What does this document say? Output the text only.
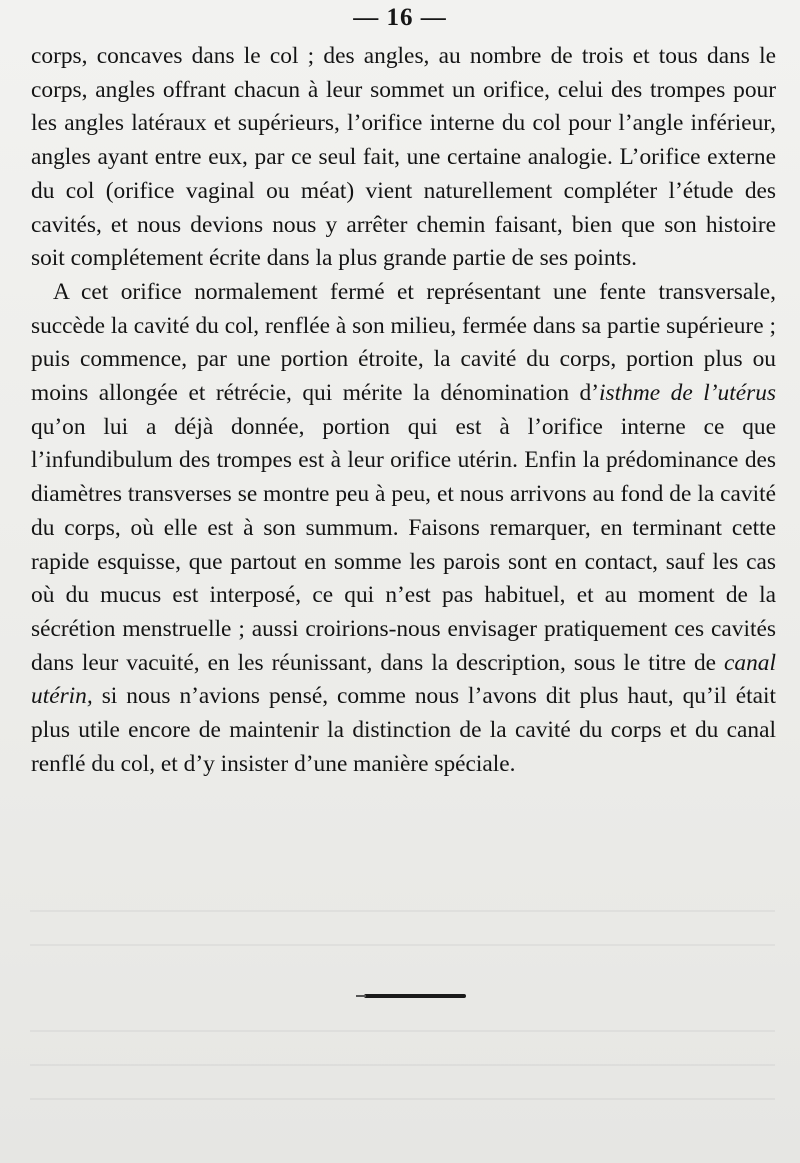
— 16 —

corps, concaves dans le col ; des angles, au nombre de trois et tous dans le corps, angles offrant chacun à leur sommet un orifice, celui des trompes pour les angles latéraux et supérieurs, l’orifice interne du col pour l’angle inférieur, angles ayant entre eux, par ce seul fait, une certaine analogie. L’orifice externe du col (orifice vaginal ou méat) vient naturellement compléter l’étude des cavités, et nous devions nous y arrêter chemin faisant, bien que son histoire soit complétement écrite dans la plus grande partie de ses points.

A cet orifice normalement fermé et représentant une fente transversale, succède la cavité du col, renflée à son milieu, fermée dans sa partie supérieure ; puis commence, par une portion étroite, la cavité du corps, portion plus ou moins allongée et rétrécie, qui mérite la dénomination d’isthme de l’utérus qu’on lui a déjà donnée, portion qui est à l’orifice interne ce que l’infundibulum des trompes est à leur orifice utérin. Enfin la prédominance des diamètres transverses se montre peu à peu, et nous arrivons au fond de la cavité du corps, où elle est à son summum. Faisons remarquer, en terminant cette rapide esquisse, que partout en somme les parois sont en contact, sauf les cas où du mucus est interposé, ce qui n’est pas habituel, et au moment de la sécrétion menstruelle ; aussi croirions-nous envisager pratiquement ces cavités dans leur vacuité, en les réunissant, dans la description, sous le titre de canal utérin, si nous n’avions pensé, comme nous l’avons dit plus haut, qu’il était plus utile encore de maintenir la distinction de la cavité du corps et du canal renflé du col, et d’y insister d’une manière spéciale.
